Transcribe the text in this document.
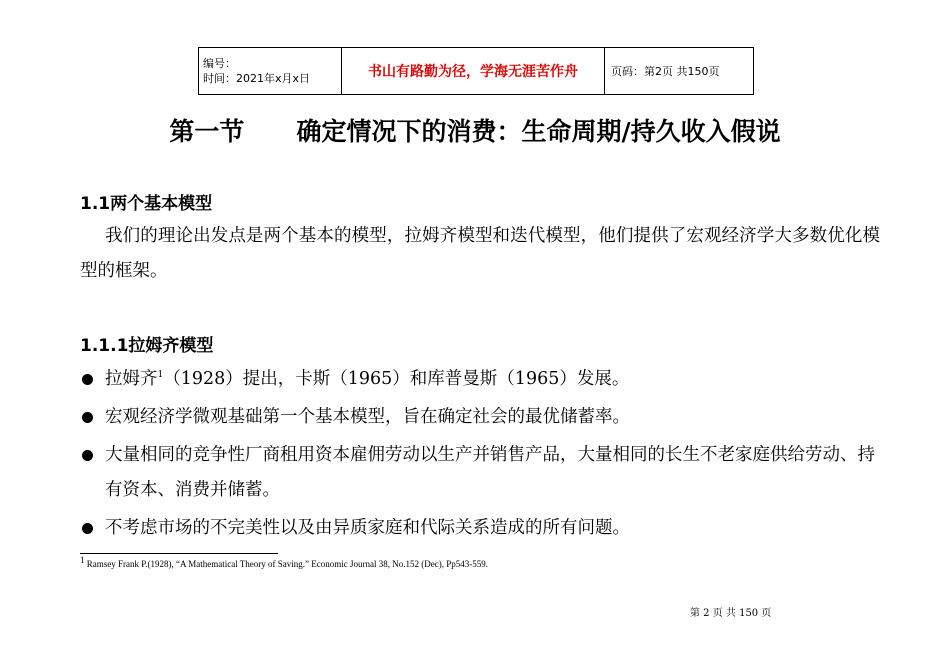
编号：
时间：2021年x月x日	书山有路勤为径，学海无涯苦作舟	页码：第2页 共150页
第一节      确定情况下的消费：生命周期/持久收入假说
1.1两个基本模型
我们的理论出发点是两个基本的模型，拉姆齐模型和迭代模型，他们提供了宏观经济学大多数优化模型的框架。
1.1.1拉姆齐模型
拉姆齐$^1$（1928）提出，卡斯（1965）和库普曼斯（1965）发展。
宏观经济学微观基础第一个基本模型，旨在确定社会的最优储蓄率。
大量相同的竞争性厂商租用资本雇佣劳动以生产并销售产品，大量相同的长生不老家庭供给劳动、持有资本、消费并储蓄。
不考虑市场的不完美性以及由异质家庭和代际关系造成的所有问题。
$^1$ Ramsey Frank P.(1928), “A Mathematical Theory of Saving.” Economic Journal 38, No.152 (Dec), Pp543-559.
第 2 页 共 150 页
